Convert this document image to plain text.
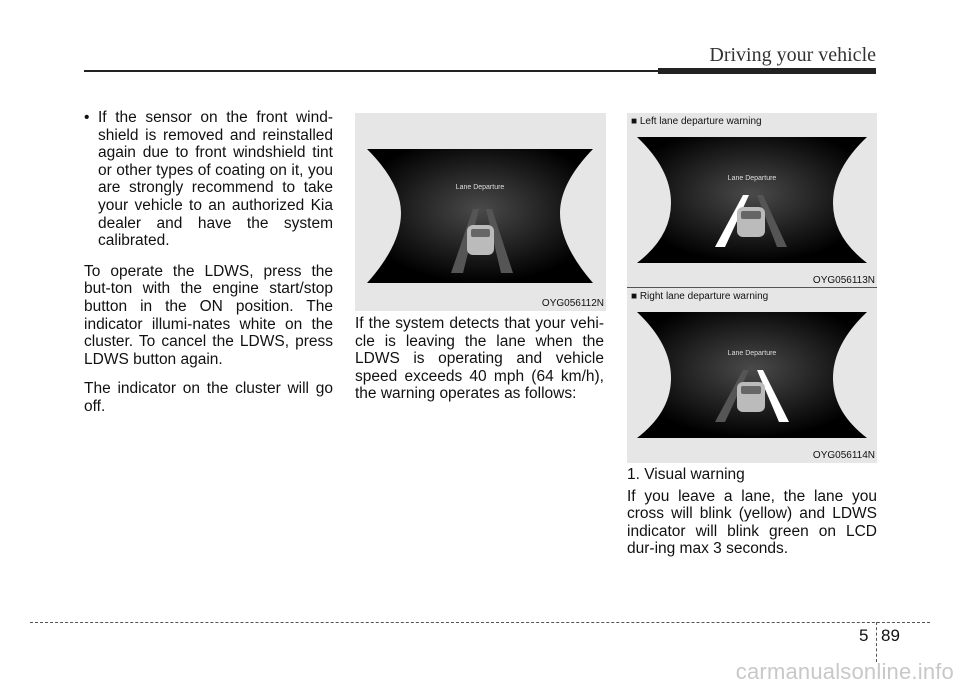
Driving your vehicle
• If the sensor on the front wind-shield is removed and reinstalled again due to front windshield tint or other types of coating on it, you are strongly recommend to take your vehicle to an authorized Kia dealer and have the system calibrated.

To operate the LDWS, press the but-ton with the engine start/stop button in the ON position. The indicator illumi-nates white on the cluster. To cancel the LDWS, press LDWS button again.

The indicator on the cluster will go off.

Lane Departure
OYG056112N
■ Left lane departure warning
Lane Departure
OYG056113N
■ Right lane departure warning
Lane Departure
OYG056114N

If the system detects that your vehi-cle is leaving the lane when the LDWS is operating and vehicle speed exceeds 40 mph (64 km/h), the warning operates as follows:

1. Visual warning

If you leave a lane, the lane you cross will blink (yellow) and LDWS indicator will blink green on LCD dur-ing max 3 seconds.

5 89
carmanualsonline.info
